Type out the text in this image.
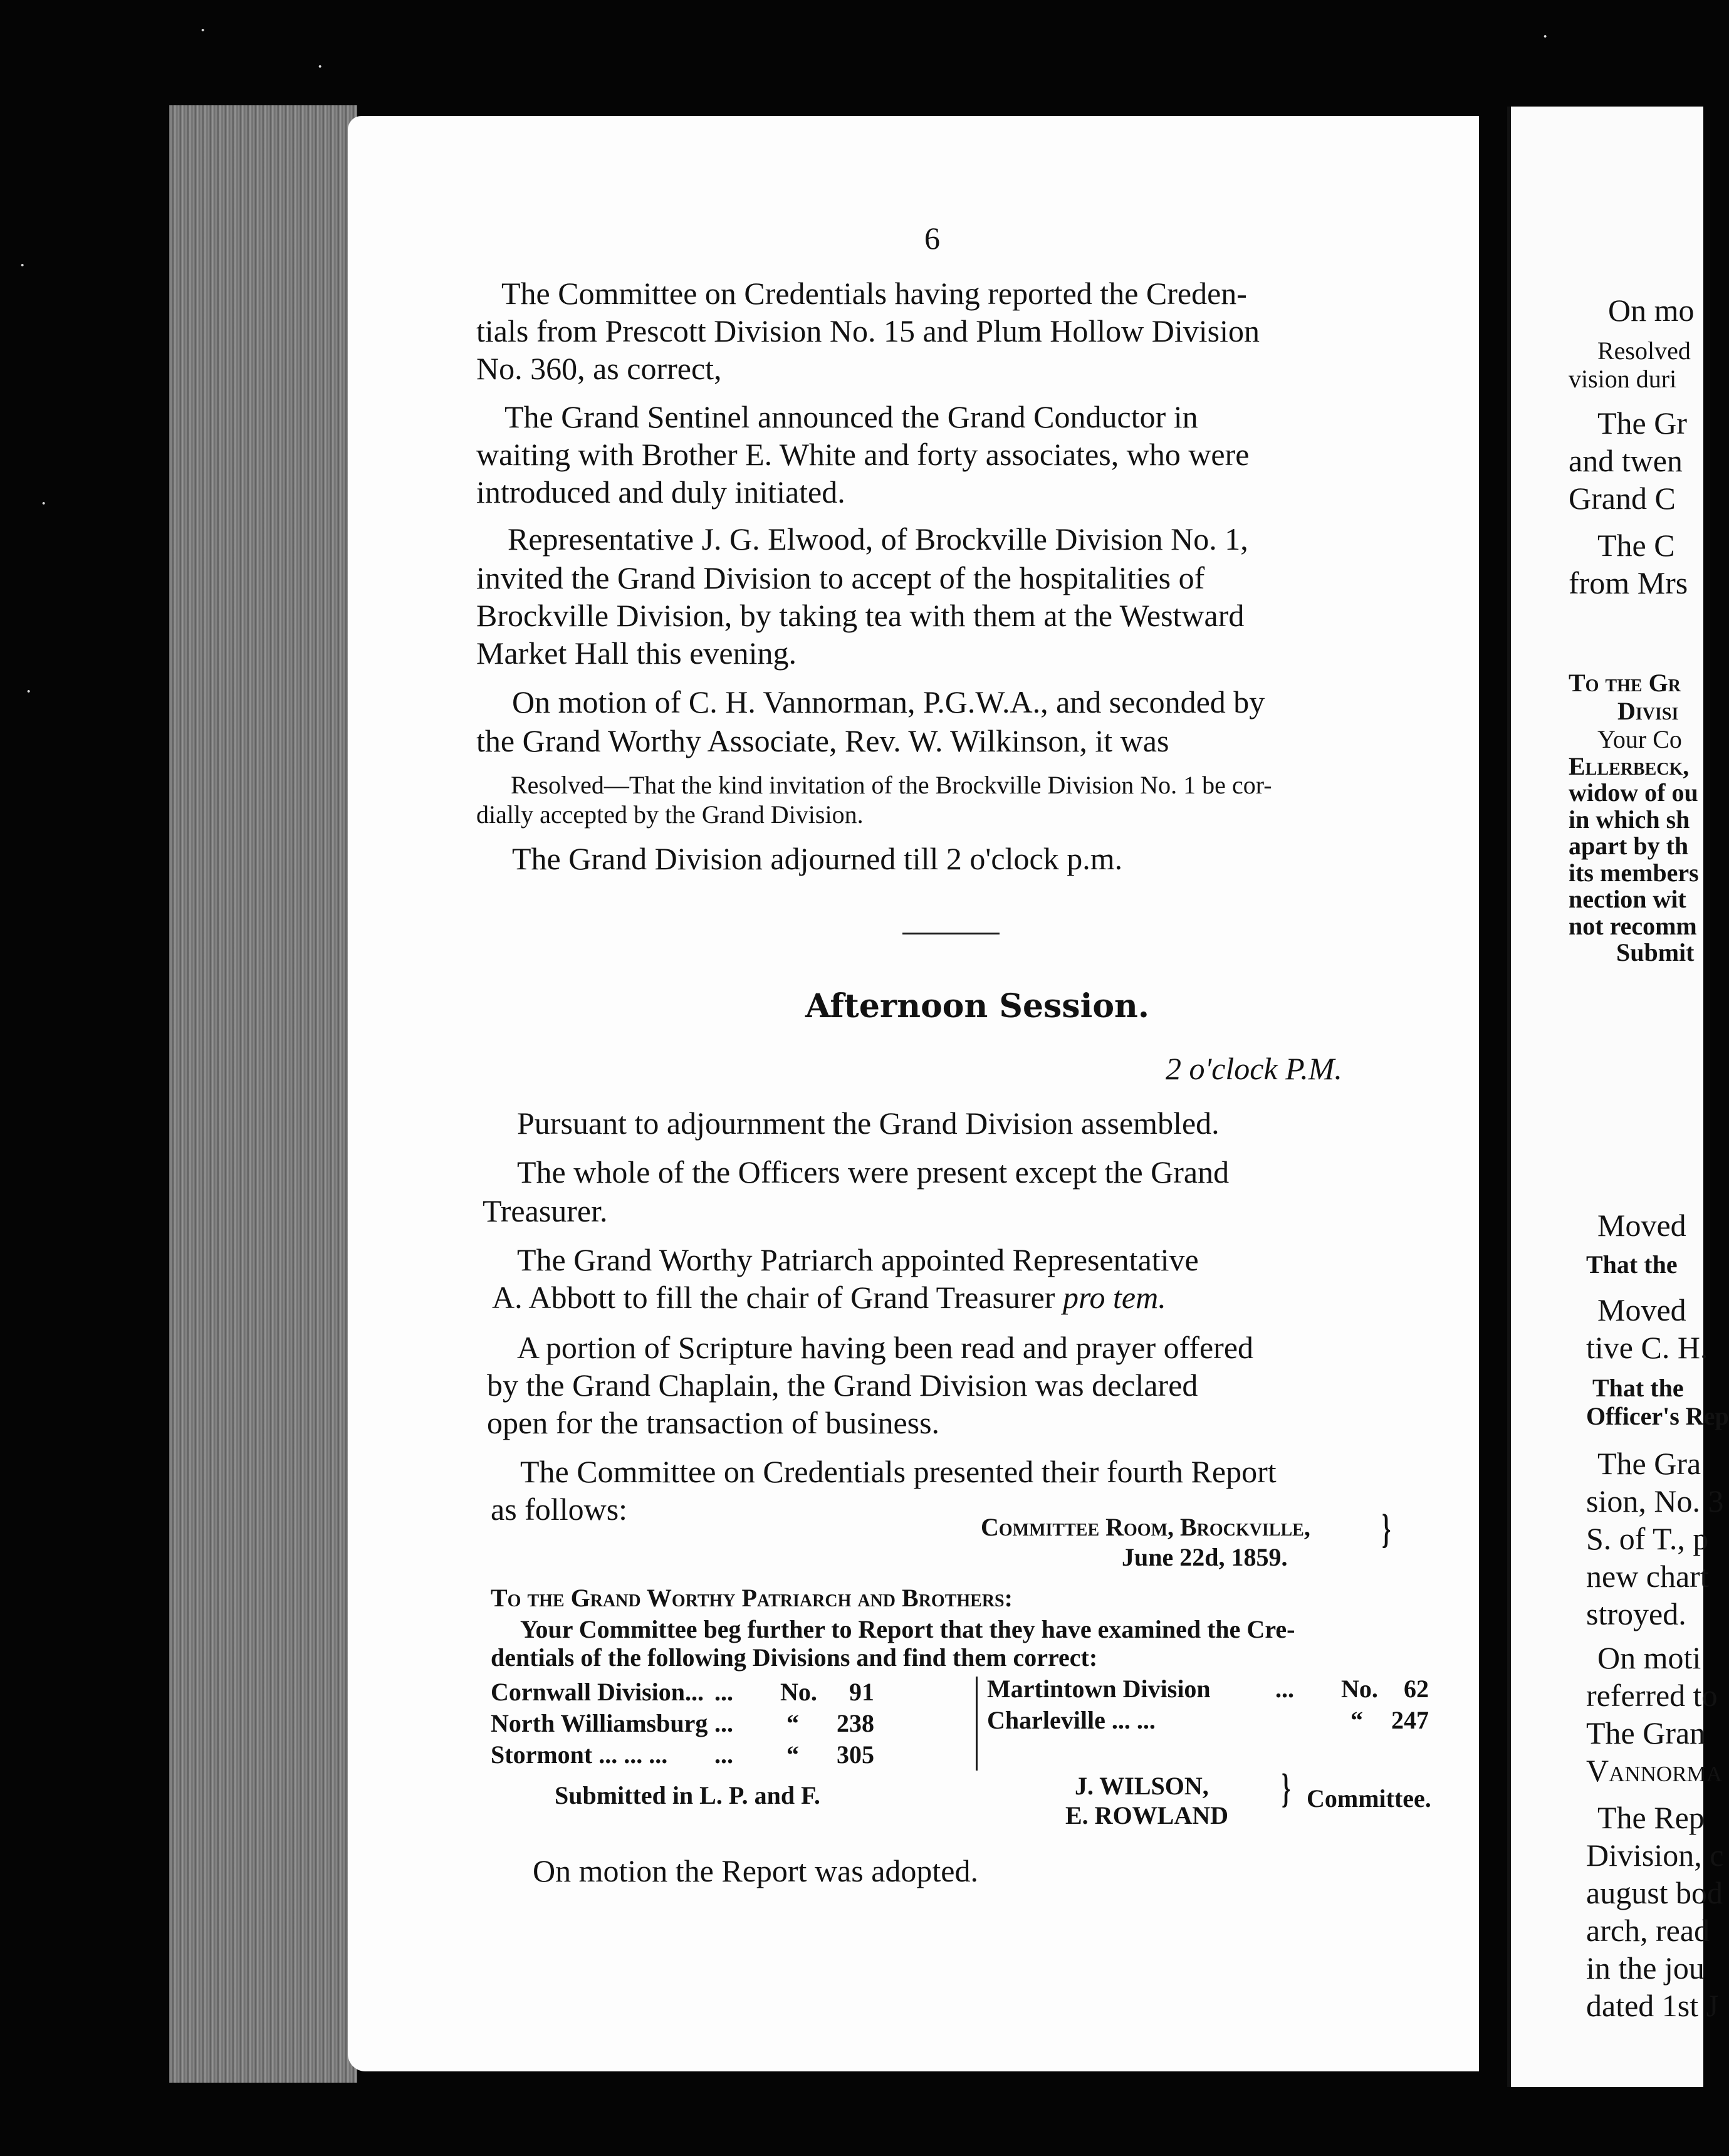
·
·
·
·
·
·
6
The Committee on Credentials having reported the Creden-
tials from Prescott Division No. 15 and Plum Hollow Division
No. 360, as correct,
The Grand Sentinel announced the Grand Conductor in
waiting with Brother E. White and forty associates, who were
introduced and duly initiated.
Representative J. G. Elwood, of Brockville Division No. 1,
invited the Grand Division to accept of the hospitalities of
Brockville Division, by taking tea with them at the Westward
Market Hall this evening.
On motion of C. H. Vannorman, P.G.W.A., and seconded by
the Grand Worthy Associate, Rev. W. Wilkinson, it was
Resolved—That the kind invitation of the Brockville Division No. 1 be cor-
dially accepted by the Grand Division.
The Grand Division adjourned till 2 o'clock p.m.
Afternoon Session.
2 o'clock P.M.
Pursuant to adjournment the Grand Division assembled.
The whole of the Officers were present except the Grand
Treasurer.
The Grand Worthy Patriarch appointed Representative
A. Abbott to fill the chair of Grand Treasurer pro tem.
A portion of Scripture having been read and prayer offered
by the Grand Chaplain, the Grand Division was declared
open for the transaction of business.
The Committee on Credentials presented their fourth Report
as follows:
Committee Room, Brockville,
June 22d, 1859.
}
To the Grand Worthy Patriarch and Brothers:
Your Committee beg further to Report that they have examined the Cre-
dentials of the following Divisions and find them correct:
Cornwall Division... ... No. 91
North Williamsburg ... “ 238
Stormont ... ... ... ... “ 305
Martintown Division	... No. 62
Charleville ... ...	“ 247
Submitted in L. P. and F.	J. WILSON,
E. ROWLAND
} Committee.
On motion the Report was adopted.
On mo
Resolved
vision duri
The Gr
and twen
Grand C
The C
from Mrs
To the Gr
Divisi
Your Co
Ellerbeck,
widow of ou
in which sh
apart by th
its members
nection wit
not recomm
Submit
Moved
That the
Moved
tive C. H.
That the
Officer's Rep
The Gra
sion, No. 3
S. of T., p
new chart
stroyed.
On moti
referred to
The Gran
Vannorma
The Rep
Division, c
august bod
arch, read
in the jou
dated 1st J
